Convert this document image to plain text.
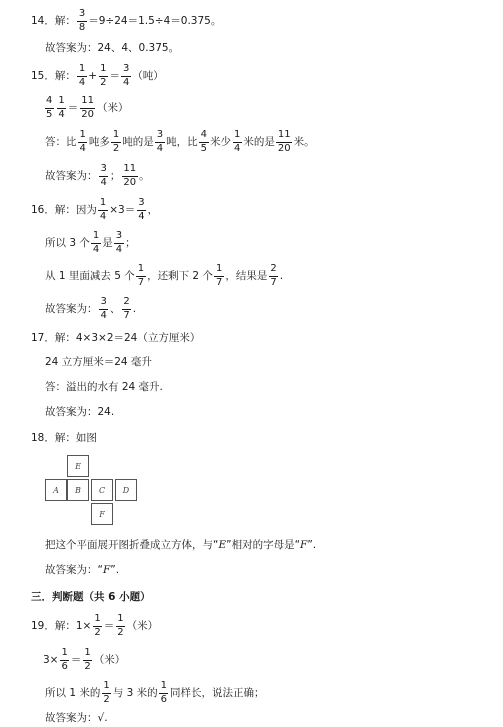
14．解： $\frac{3}{8} =9\div 24=1.5\div 4=0.375$。
故答案为：24、4、0.375。
15．解： $\frac{1}{4} + \frac{1}{2} = \frac{3}{4}$ （吨）
$\frac{4}{5} \frac{1}{4} = \frac{11}{20}$ （米）
答：比 $\frac{1}{4}$ 吨多 $\frac{1}{2}$ 吨的是 $\frac{3}{4}$ 吨，比 $\frac{4}{5}$ 米少 $\frac{1}{4}$ 米的是 $\frac{11}{20}$ 米。
故答案为： $\frac{3}{4}$ ； $\frac{11}{20}$ 。
16．解：因为 $\frac{1}{4} \times 3= \frac{3}{4}$ ，
所以 3 个 $\frac{1}{4}$ 是 $\frac{3}{4}$ ；
从 1 里面减去 5 个 $\frac{1}{7}$ ，还剩下 2 个 $\frac{1}{7}$ ，结果是 $\frac{2}{7}$ .
故答案为： $\frac{3}{4}$ 、 $\frac{2}{7}$ .
17．解：4×3×2＝24（立方厘米）
24 立方厘米＝24 毫升
答：溢出的水有 24 毫升.
故答案为：24.
18．解：如图
E
A	B	C	D
F
把这个平面展开图折叠成立方体，与“ E ”相对的字母是“ F ”.
故答案为：“ F ”.
三．判断题（共 6 小题）
19．解：$1\times \frac{1}{2} = \frac{1}{2}$ （米）
$3\times \frac{1}{6} = \frac{1}{2}$ （米）
所以 1 米的 $\frac{1}{2}$ 与 3 米的 $\frac{1}{6}$ 同样长，说法正确；
故答案为：√.
